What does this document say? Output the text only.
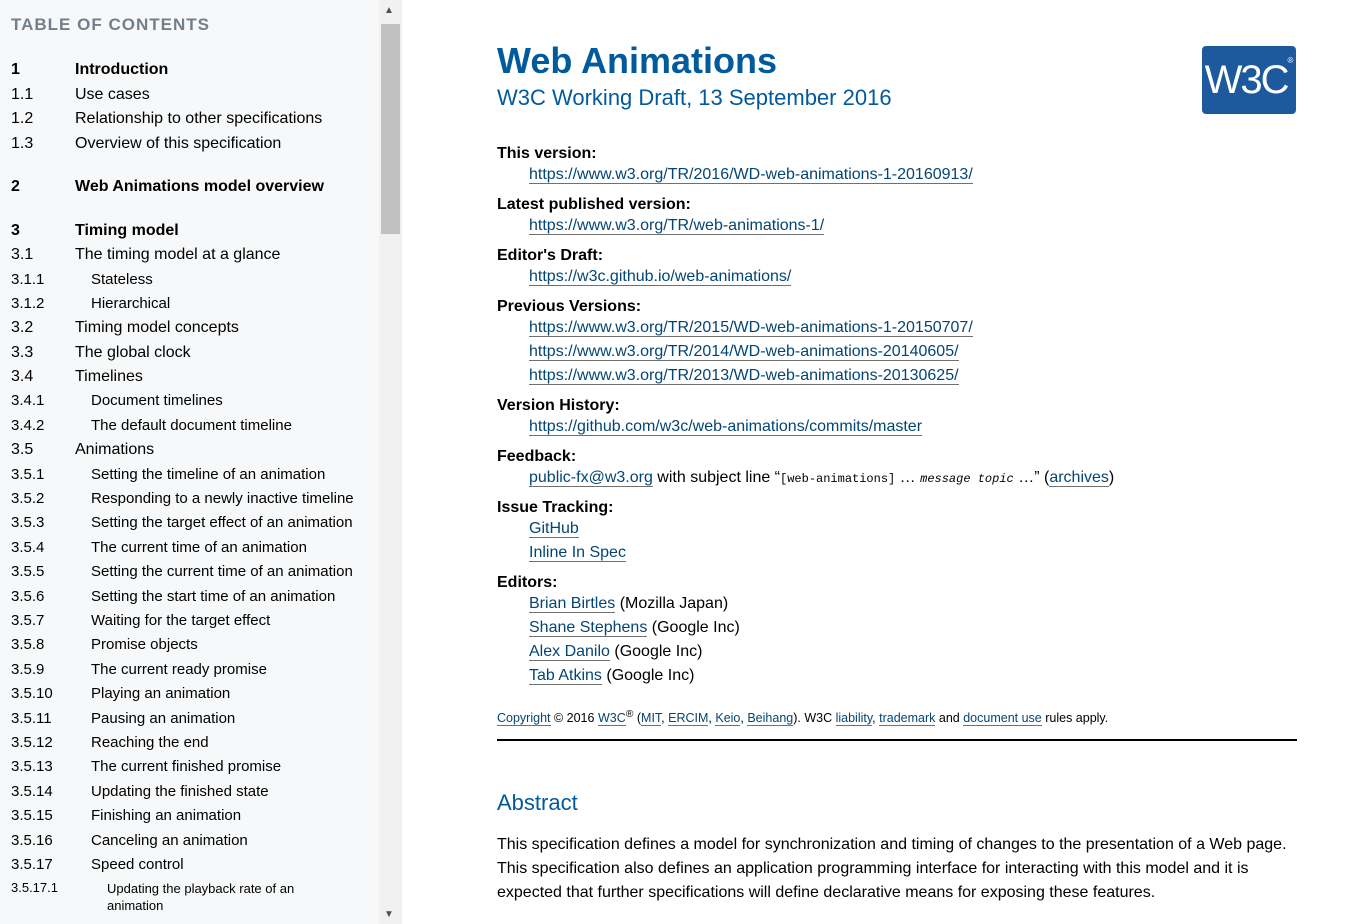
TABLE OF CONTENTS
1	Introduction
1.1	Use cases
1.2	Relationship to other specifications
1.3	Overview of this specification
2	Web Animations model overview
3	Timing model
3.1	The timing model at a glance
3.1.1	Stateless
3.1.2	Hierarchical
3.2	Timing model concepts
3.3	The global clock
3.4	Timelines
3.4.1	Document timelines
3.4.2	The default document timeline
3.5	Animations
3.5.1	Setting the timeline of an animation
3.5.2	Responding to a newly inactive timeline
3.5.3	Setting the target effect of an animation
3.5.4	The current time of an animation
3.5.5	Setting the current time of an animation
3.5.6	Setting the start time of an animation
3.5.7	Waiting for the target effect
3.5.8	Promise objects
3.5.9	The current ready promise
3.5.10	Playing an animation
3.5.11	Pausing an animation
3.5.12	Reaching the end
3.5.13	The current finished promise
3.5.14	Updating the finished state
3.5.15	Finishing an animation
3.5.16	Canceling an animation
3.5.17	Speed control
3.5.17.1	Updating the playback rate of an animation
▲
▼
Web Animations
W3C Working Draft, 13 September 2016	W3C®
This version:
https://www.w3.org/TR/2016/WD-web-animations-1-20160913/
Latest published version:
https://www.w3.org/TR/web-animations-1/
Editor's Draft:
https://w3c.github.io/web-animations/
Previous Versions:
https://www.w3.org/TR/2015/WD-web-animations-1-20150707/
https://www.w3.org/TR/2014/WD-web-animations-20140605/
https://www.w3.org/TR/2013/WD-web-animations-20130625/
Version History:
https://github.com/w3c/web-animations/commits/master
Feedback:
public-fx@w3.org with subject line “[web-animations] … message topic …” (archives)
Issue Tracking:
GitHub
Inline In Spec
Editors:
Brian Birtles (Mozilla Japan)
Shane Stephens (Google Inc)
Alex Danilo (Google Inc)
Tab Atkins (Google Inc)
Copyright © 2016 W3C® (MIT, ERCIM, Keio, Beihang). W3C liability, trademark and document use rules apply.
Abstract

This specification defines a model for synchronization and timing of changes to the presentation of a Web page. This specification also defines an application programming interface for interacting with this model and it is expected that further specifications will define declarative means for exposing these features.
